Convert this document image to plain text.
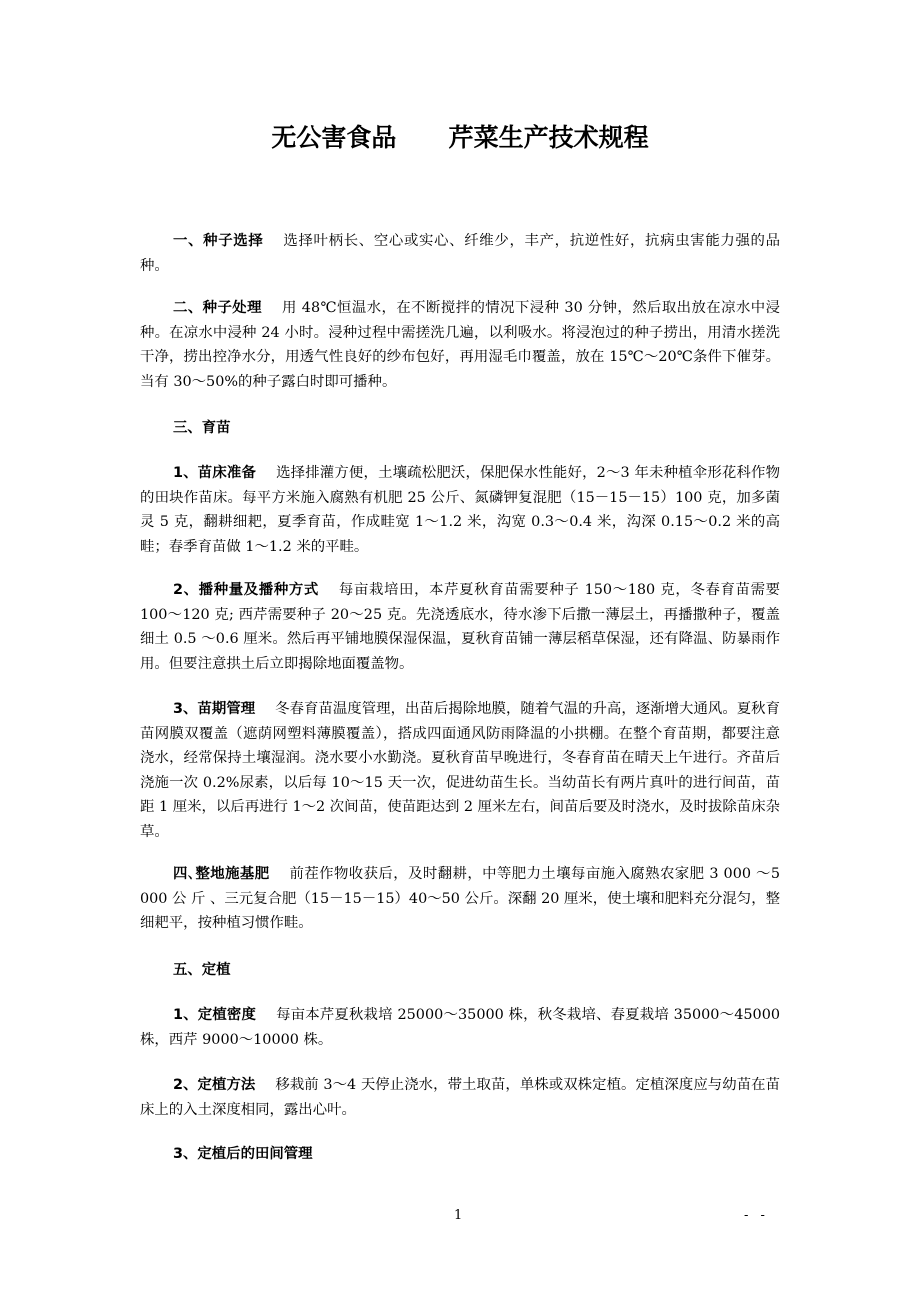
无公害食品      芹菜生产技术规程

一、种子选择 选择叶柄长、空心或实心、纤维少，丰产，抗逆性好，抗病虫害能力强的品种。

二、种子处理 用 48℃恒温水，在不断搅拌的情况下浸种 30 分钟，然后取出放在凉水中浸种。在凉水中浸种 24 小时。浸种过程中需搓洗几遍，以利吸水。将浸泡过的种子捞出，用清水搓洗干净，捞出控净水分，用透气性良好的纱布包好，再用湿毛巾覆盖，放在 15℃～20℃条件下催芽。当有 30～50%的种子露白时即可播种。

三、育苗

1、苗床准备 选择排灌方便，土壤疏松肥沃，保肥保水性能好，2～3 年未种植伞形花科作物的田块作苗床。每平方米施入腐熟有机肥 25 公斤、氮磷钾复混肥（15－15－15）100 克，加多菌灵 5 克，翻耕细耙，夏季育苗，作成畦宽 1～1.2 米，沟宽 0.3～0.4 米，沟深 0.15～0.2 米的高畦；春季育苗做 1～1.2 米的平畦。

2、播种量及播种方式 每亩栽培田，本芹夏秋育苗需要种子 150～180 克，冬春育苗需要 100～120 克; 西芹需要种子 20～25 克。先浇透底水，待水渗下后撒一薄层土，再播撒种子，覆盖细土 0.5 ～0.6 厘米。然后再平铺地膜保湿保温，夏秋育苗铺一薄层稻草保湿，还有降温、防暴雨作用。但要注意拱土后立即揭除地面覆盖物。

3、苗期管理 冬春育苗温度管理，出苗后揭除地膜，随着气温的升高，逐渐增大通风。夏秋育苗网膜双覆盖（遮荫网塑料薄膜覆盖），搭成四面通风防雨降温的小拱棚。在整个育苗期，都要注意浇水，经常保持土壤湿润。浇水要小水勤浇。夏秋育苗早晚进行，冬春育苗在晴天上午进行。齐苗后浇施一次 0.2%尿素，以后每 10～15 天一次，促进幼苗生长。当幼苗长有两片真叶的进行间苗，苗距 1 厘米，以后再进行 1～2 次间苗，使苗距达到 2 厘米左右，间苗后要及时浇水，及时拔除苗床杂草。

四､整地施基肥 前茬作物收获后，及时翻耕，中等肥力土壤每亩施入腐熟农家肥 3 000 ～5 000 公 斤 、三元复合肥（15－15－15）40～50 公斤。深翻 20 厘米，使土壤和肥料充分混匀，整细耙平，按种植习惯作畦。

五、定植

1、定植密度 每亩本芹夏秋栽培 25000～35000 株，秋冬栽培、春夏栽培 35000～45000 株，西芹 9000～10000 株。

2、定植方法 移栽前 3～4 天停止浇水，带土取苗，单株或双株定植。定植深度应与幼苗在苗床上的入土深度相同，露出心叶。

3、定植后的田间管理
1	- -
